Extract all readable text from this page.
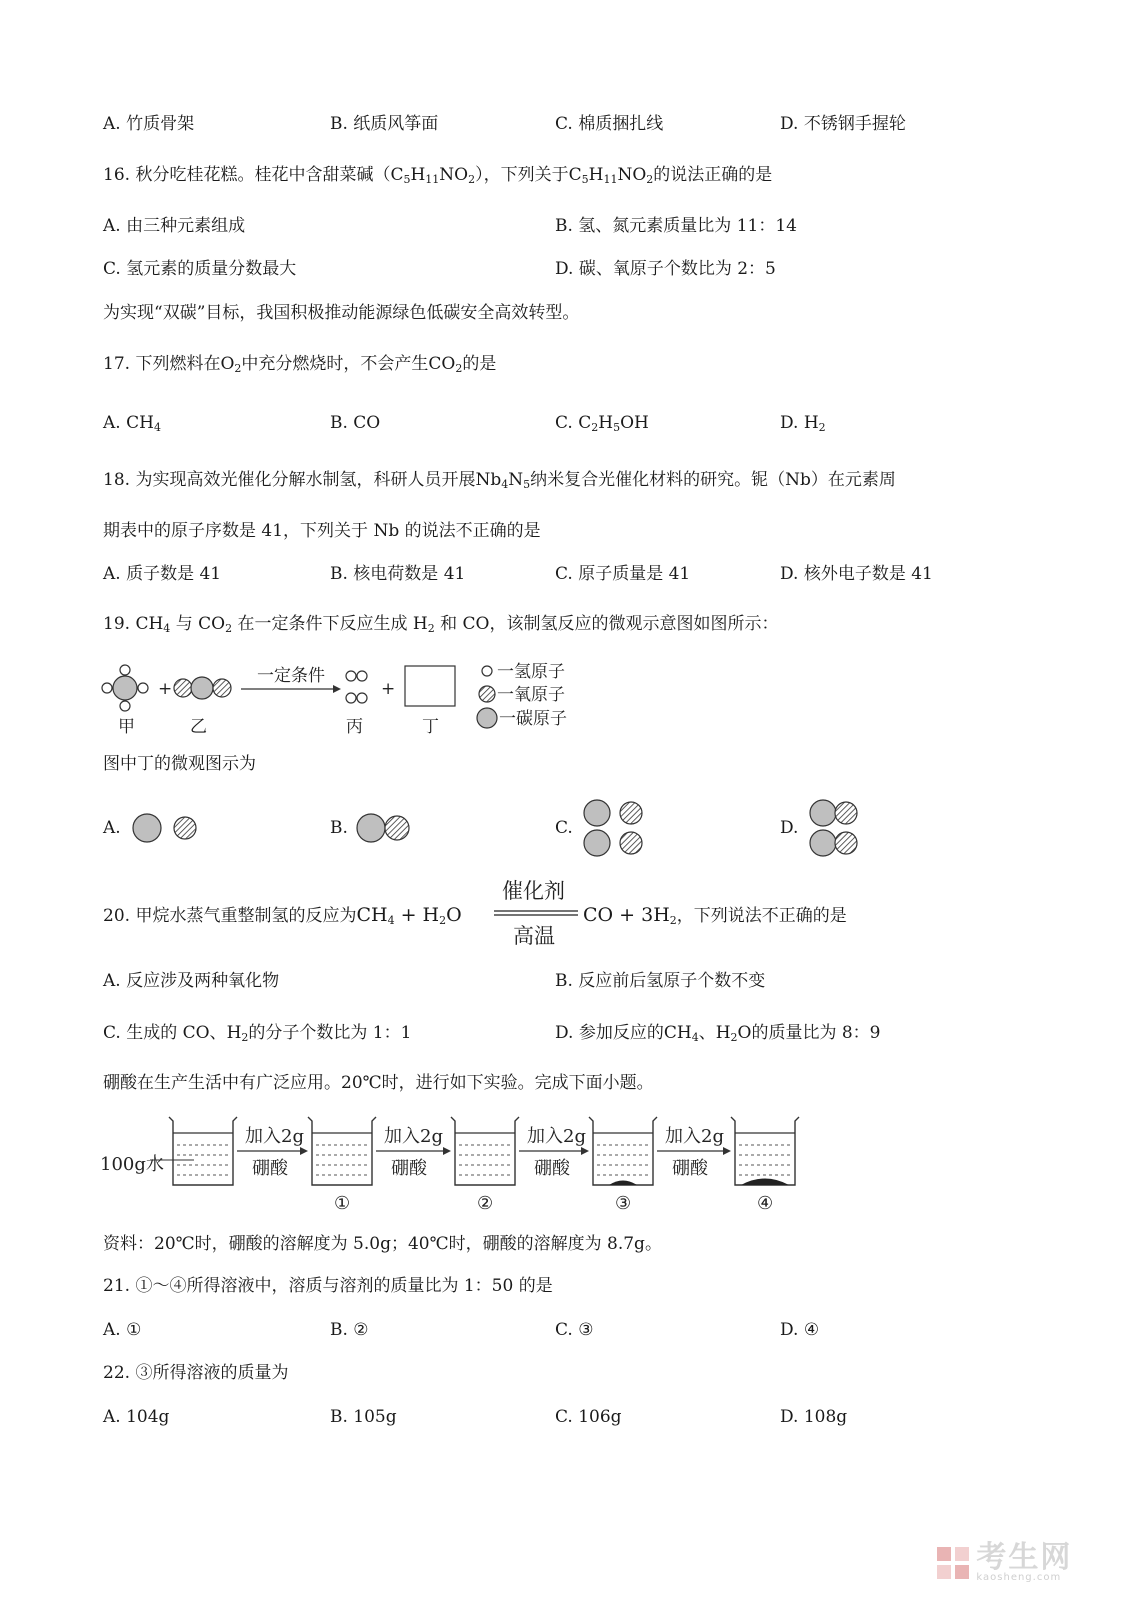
A. 竹质骨架	B. 纸质风筝面	C. 棉质捆扎线	D. 不锈钢手握轮
16. 秋分吃桂花糕。桂花中含甜菜碱$(C_5H_{11}NO_2)$，下列关于$C_5H_{11}NO_2$的说法正确的是
A. 由三种元素组成	B. 氢、氮元素质量比为 11：14
C. 氢元素的质量分数最大	D. 碳、氧原子个数比为 2：5
为实现“双碳”目标，我国积极推动能源绿色低碳安全高效转型。
17. 下列燃料在$O_2$中充分燃烧时，不会产生$CO_2$的是
A. $CH_4$	B. CO	C. $C_2H_5OH$	D. $H_2$
18. 为实现高效光催化分解水制氢，科研人员开展$Nb_4N_5$纳米复合光催化材料的研究。铌（Nb）在元素周
期表中的原子序数是 41，下列关于 Nb 的说法不正确的是
A. 质子数是 41	B. 核电荷数是 41	C. 原子质量是 41	D. 核外电子数是 41
19. $CH_4$ 与 $CO_2$ 在一定条件下反应生成 $H_2$ 和 CO，该制氢反应的微观示意图如图所示：
+
一定条件
+
甲	乙	丙	丁
一氢原子
一氧原子
一碳原子
催化剂
高温
100g水
加入2g
硼酸
加入2g
硼酸
加入2g
硼酸
加入2g
硼酸
①	②	③	④
图中丁的微观图示为
A.	B.	C.	D.
20. 甲烷水蒸气重整制氢的反应为$CH_4 + H_2O$	CO + $3H_2$，下列说法不正确的是
A. 反应涉及两种氧化物	B. 反应前后氢原子个数不变
C. 生成的 CO、$H_2$的分子个数比为 1：1	D. 参加反应的$CH_4$、$H_2O$的质量比为 8：9
硼酸在生产生活中有广泛应用。20℃时，进行如下实验。完成下面小题。
资料：20℃时，硼酸的溶解度为 5.0g；40℃时，硼酸的溶解度为 8.7g。
21. ①～④所得溶液中，溶质与溶剂的质量比为 1：50 的是
A. ①	B. ②	C. ③	D. ④
22. ③所得溶液的质量为
A. 104g	B. 105g	C. 106g	D. 108g

考生网
kaosheng.com
